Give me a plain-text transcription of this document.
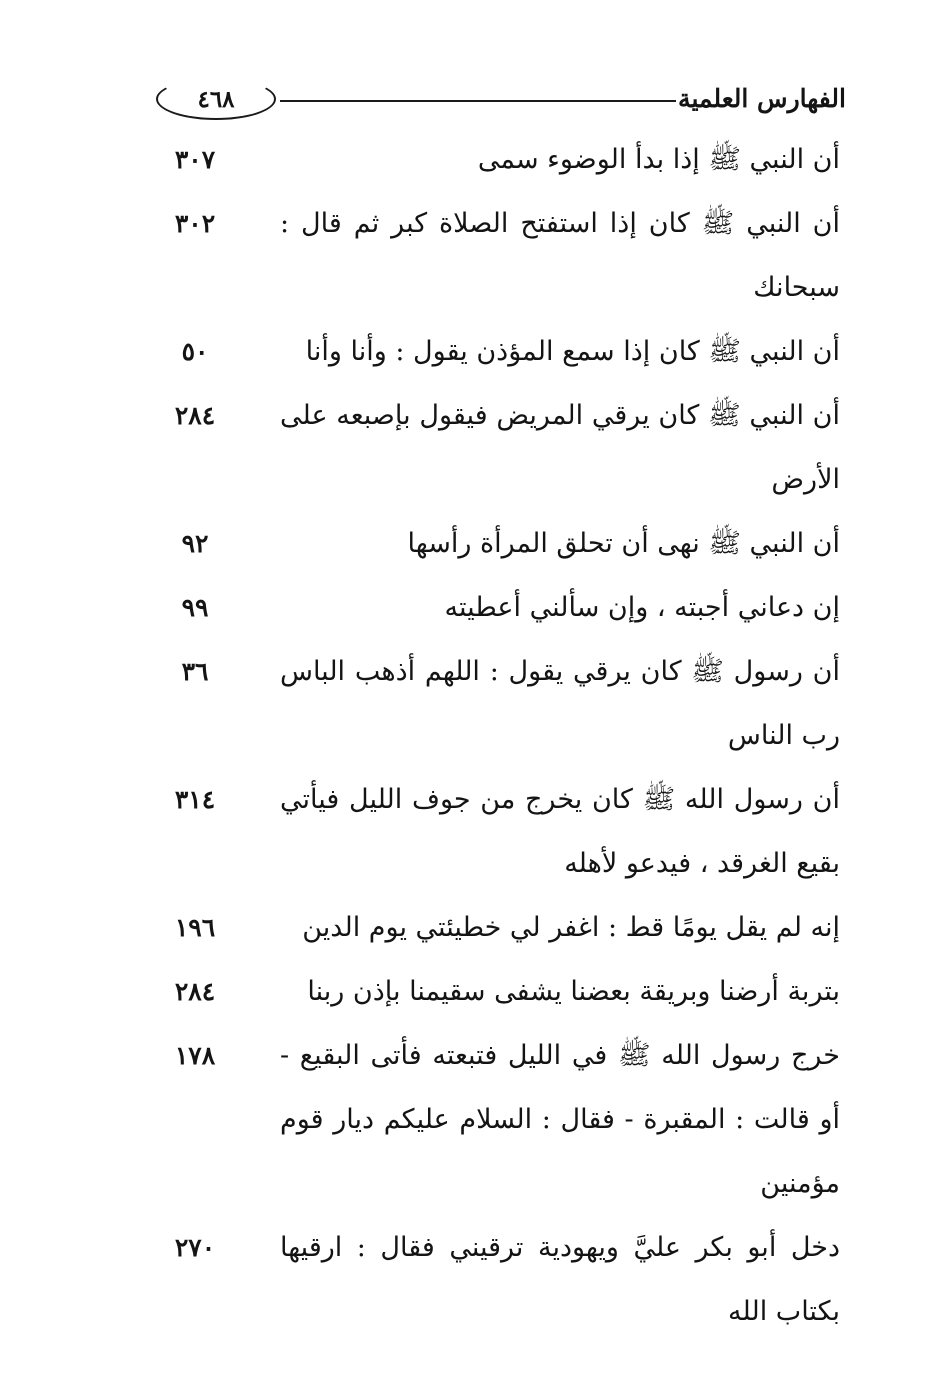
٤٦٨	الفهارس العلمية
أن النبي ﷺ إذا بدأ الوضوء سمى
٣٠٧
أن النبي ﷺ كان إذا استفتح الصلاة كبر ثم قال : سبحانك
٣٠٢
أن النبي ﷺ كان إذا سمع المؤذن يقول : وأنا وأنا
٥٠
أن النبي ﷺ كان يرقي المريض فيقول بإصبعه على الأرض
٢٨٤
أن النبي ﷺ نهى أن تحلق المرأة رأسها
٩٢
إن دعاني أجبته ، وإن سألني أعطيته
٩٩
أن رسول ﷺ كان يرقي يقول : اللهم أذهب الباس رب الناس
٣٦
أن رسول الله ﷺ كان يخرج من جوف الليل فيأتي بقيع الغرقد ، فيدعو لأهله
٣١٤
إنه لم يقل يومًا قط : اغفر لي خطيئتي يوم الدين
١٩٦
بتربة أرضنا وبريقة بعضنا يشفى سقيمنا بإذن ربنا
٢٨٤
خرج رسول الله ﷺ في الليل فتبعته فأتى البقيع - أو قالت : المقبرة - فقال : السلام عليكم ديار قوم مؤمنين
١٧٨
دخل أبو بكر عليَّ ويهودية ترقيني فقال : ارقيها بكتاب الله
٢٧٠
